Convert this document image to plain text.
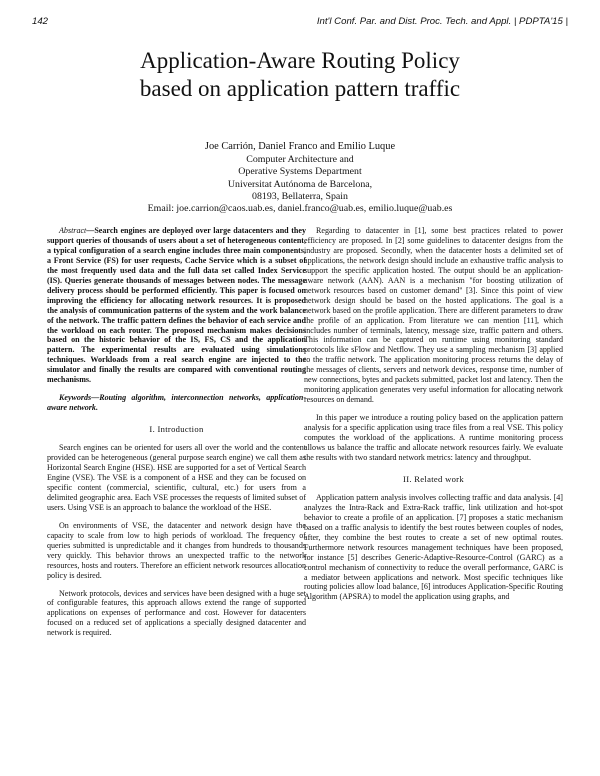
142	Int'l Conf. Par. and Dist. Proc. Tech. and Appl. | PDPTA'15 |
Application-Aware Routing Policy
based on application pattern traffic
Joe Carrión, Daniel Franco and Emilio Luque
Computer Architecture and
Operative Systems Department
Universitat Autónoma de Barcelona,
08193, Bellaterra, Spain
Email: joe.carrion@caos.uab.es, daniel.franco@uab.es, emilio.luque@uab.es

Abstract—Search engines are deployed over large datacenters and they support queries of thousands of users about a set of heterogeneous content, a typical configuration of a search engine includes three main components, a Front Service (FS) for user requests, Cache Service which is a subset of the most frequently used data and the full data set called Index Service (IS). Queries generate thousands of messages between nodes. The message delivery process should be performed efficiently. This paper is focused on improving the efficiency for allocating network resources. It is proposed the analysis of communication patterns of the system and the work balance of the network. The traffic pattern defines the behavior of each service and the workload on each router. The proposed mechanism makes decisions based on the historic behavior of the IS, FS, CS and the application pattern. The experimental results are evaluated using simulations techniques. Workloads from a real search engine are injected to the simulator and finally the results are compared with conventional routing mechanisms.

Keywords—Routing algorithm, interconnection networks, application-aware network.

I. Introduction

Search engines can be oriented for users all over the world and the content provided can be heterogeneous (general purpose search engine) we call them as Horizontal Search Engine (HSE). HSE are supported for a set of Vertical Search Engine (VSE). The VSE is a component of a HSE and they can be focused on specific content (commercial, scientific, cultural, etc.) for users from a delimited geographic area. Each VSE processes the requests of limited subset of users. Using VSE is an approach to balance the workload of the HSE.

On environments of VSE, the datacenter and network design have the capacity to scale from low to high periods of workload. The frequency of queries submitted is unpredictable and it changes from hundreds to thousands very quickly. This behavior throws an unexpected traffic to the network resources, hosts and routers. Therefore an efficient network resources allocation policy is desired.

Network protocols, devices and services have been designed with a huge set of configurable features, this approach allows extend the range of supported applications on expenses of performance and cost. However for datacenters focused on a reduced set of applications a specially designed datacenter and network is required.

Regarding to datacenter in [1], some best practices related to power efficiency are proposed. In [2] some guidelines to datacenter designs from the industry are proposed. Secondly, when the datacenter hosts a delimited set of applications, the network design should include an exhaustive traffic analysis to support the specific application hosted. The output should be an application-aware network (AAN). AAN is a mechanism "for boosting utilization of network resources based on customer demand" [3]. Since this point of view network design should be based on the hosted applications. The goal is a network based on the profile application. There are different parameters to draw the profile of an application. From literature we can mention [11], which includes number of terminals, latency, message size, traffic pattern and others. This information can be captured on runtime using monitoring standard protocols like sFlow and Netflow. They use a sampling mechanism [3] applied to the traffic network. The application monitoring process returns the delay of the messages of clients, servers and network devices, response time, number of new connections, bytes and packets submitted, packet lost and latency. Then the monitoring application generates very useful information for allocating network resources on demand.

In this paper we introduce a routing policy based on the application pattern analysis for a specific application using trace files from a real VSE. This policy computes the workload of the applications. A runtime monitoring process allows us balance the traffic and allocate network resources fairly. We evaluate the results with two standard network metrics: latency and throughput.

II. Related work

Application pattern analysis involves collecting traffic and data analysis. [4] analyzes the Intra-Rack and Extra-Rack traffic, link utilization and hot-spot behavior to create a profile of an application. [7] proposes a static mechanism based on a traffic analysis to identify the best routes between couples of nodes, after, they combine the best routes to create a set of new optimal routes. Furthermore network resources management techniques have been proposed, for instance [5] describes Generic-Adaptive-Resource-Control (GARC) as a control mechanism of connectivity to reduce the overall performance, GARC is a mediator between applications and network. Most specific techniques like routing policies allow load balance, [6] introduces Application-Specific Routing Algorithm (APSRA) to model the application using graphs, and
